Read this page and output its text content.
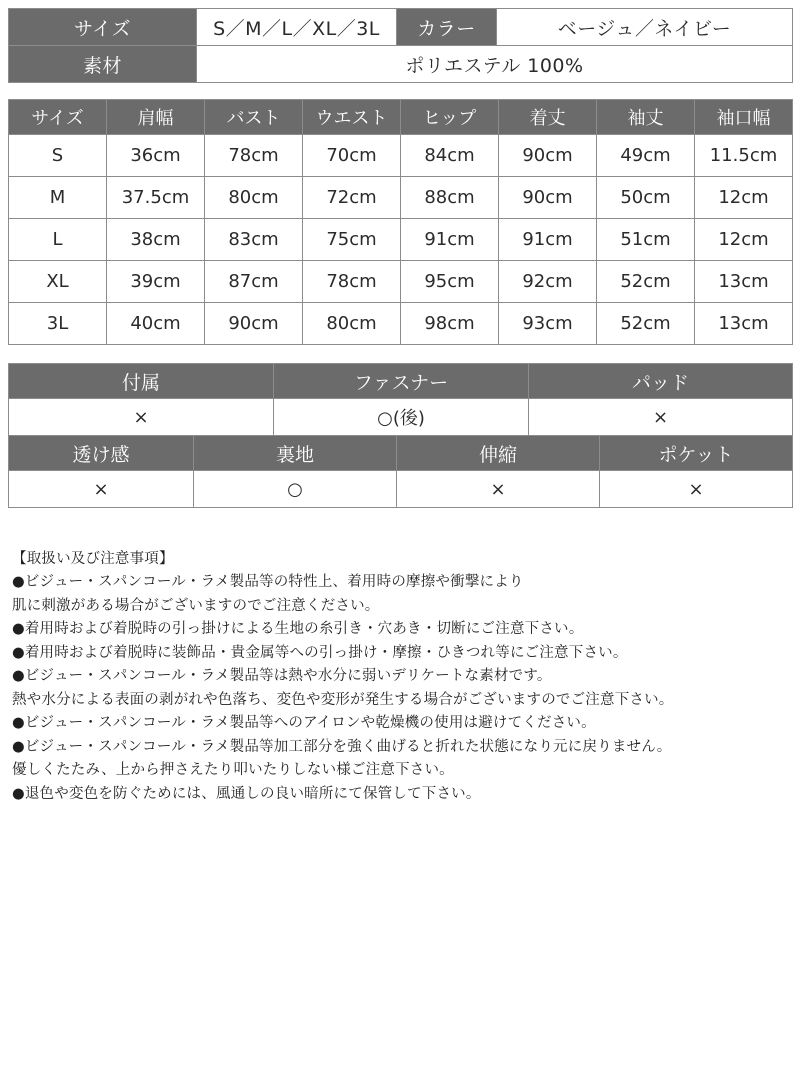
サイズ	S／M／L／XL／3L	カラー	ベージュ／ネイビー
素材	ポリエステル 100%		
サイズ	肩幅	バスト	ウエスト	ヒップ	着丈	袖丈	袖口幅
S	36cm	78cm	70cm	84cm	90cm	49cm	11.5cm
M	37.5cm	80cm	72cm	88cm	90cm	50cm	12cm
L	38cm	83cm	75cm	91cm	91cm	51cm	12cm
XL	39cm	87cm	78cm	95cm	92cm	52cm	13cm
3L	40cm	90cm	80cm	98cm	93cm	52cm	13cm
付属	ファスナー	パッド
×	○(後)	×
透け感	裏地	伸縮	ポケット
×	○	×	×

【取扱い及び注意事項】

●ビジュー・スパンコール・ラメ製品等の特性上、着用時の摩擦や衝撃により

肌に刺激がある場合がございますのでご注意ください。

●着用時および着脱時の引っ掛けによる生地の糸引き・穴あき・切断にご注意下さい。

●着用時および着脱時に装飾品・貴金属等への引っ掛け・摩擦・ひきつれ等にご注意下さい。

●ビジュー・スパンコール・ラメ製品等は熱や水分に弱いデリケートな素材です。

熱や水分による表面の剥がれや色落ち、変色や変形が発生する場合がございますのでご注意下さい。

●ビジュー・スパンコール・ラメ製品等へのアイロンや乾燥機の使用は避けてください。

●ビジュー・スパンコール・ラメ製品等加工部分を強く曲げると折れた状態になり元に戻りません。

優しくたたみ、上から押さえたり叩いたりしない様ご注意下さい。

●退色や変色を防ぐためには、風通しの良い暗所にて保管して下さい。
